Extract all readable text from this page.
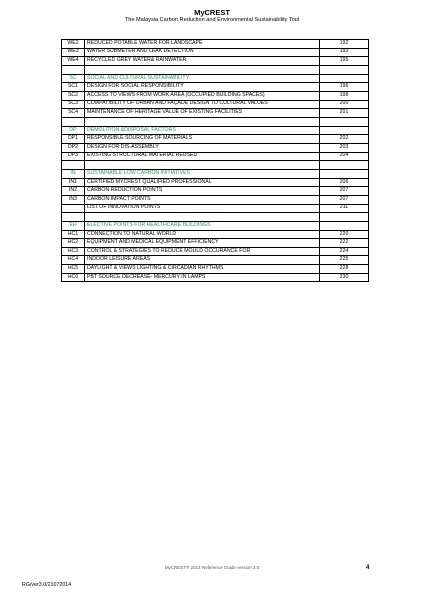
MyCREST
The Malaysia Carbon Reduction and Environmental Sustainability Tool
WE2	REDUCED POTABLE WATER FOR LANDSCAPE	192
WE3	WATER SUBMETER AND LEAK DETECTION	193
WE4	RECYCLED GREY WATER& RAINWATER	195

SC	SOCIAL AND CULTURAL SUSTAINABILITY	
SC1	DESIGN FOR SOCIAL RESPONSIBILITY	196
SC2	ACCESS TO VIEWS FROM WORK AREA (OCCUPIED BUILDING SPACES)	198
SC3	COMPATIBILITY OF URBAN AND FAÇADE DESIGN TO CULTURAL VALUES	200
SC4	MAINTENANCE OF HERITAGE VALUE OF EXISTING FACILITIES	201

DP	DEMOLITION &DISPOSAL FACTORS	
DP1	RESPONSIBLE SOURCING OF MATERIALS	202
DP2	DESIGN FOR DIS-ASSEMBLY	203
DP3	EXISTING STRUCTURAL MATERIAL REUSED	204

IN	SUSTAINABLE LOW CARBON INITIATIVES	
IN1	CERTIFIED MYCREST QUALIFIED PROFESSIONAL	206
IN2	CARBON REDUCTION POINTS	207
IN3	CARBON IMPACT POINTS	207
	LIST OF INNOVATION POINTS	211

EH	ELECTIVE POINTS FOR HEALTHCARE BUILDINGS	
HC1	CONNECTION TO NATURAL WORLD	220
HC2	EQUIPMENT AND MEDICAL EQUIPMENT EFFICIENCY	222
HC3	CONTROL & STRATEGIES TO REDUCE MOULD OCCURANCE FOR	224
HC4	INDOOR LEISURE AREAS	225
HC5	DAYLIGHT & VIEWS LIGHTING & CIRCADIAN RHYTHMS	228
HC6	PBT SOURCE DECREASE- MERCURY IN LAMPS	230
MyCREST® 2014 Reference Guide version 3.0	4
RG/ver3.0/21072014
